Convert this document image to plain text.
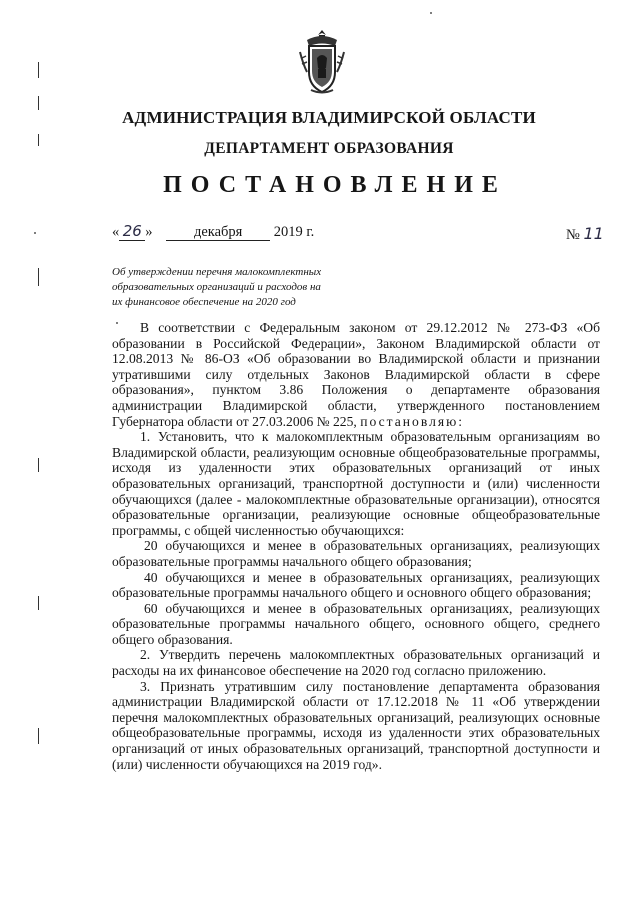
АДМИНИСТРАЦИЯ ВЛАДИМИРСКОЙ ОБЛАСТИ
ДЕПАРТАМЕНТ ОБРАЗОВАНИЯ
ПОСТАНОВЛЕНИЕ
« 26 »	декабря 2019 г.	№ 11
Об утверждении перечня малокомплектных
образовательных организаций и расходов на
их финансовое обеспечение на 2020 год

В соответствии с Федеральным законом от 29.12.2012 № 273-ФЗ «Об образовании в Российской Федерации», Законом Владимирской области от 12.08.2013 № 86-ОЗ «Об образовании во Владимирской области и признании утратившими силу отдельных Законов Владимирской области в сфере образования», пунктом 3.86 Положения о департаменте образования администрации Владимирской области, утвержденного постановлением Губернатора области от 27.03.2006 № 225, постановляю:

1. Установить, что к малокомплектным образовательным организациям во Владимирской области, реализующим основные общеобразовательные программы, исходя из удаленности этих образовательных организаций от иных образовательных организаций, транспортной доступности и (или) численности обучающихся (далее - малокомплектные образовательные организации), относятся образовательные организации, реализующие основные общеобразовательные программы, с общей численностью обучающихся:

20 обучающихся и менее в образовательных организациях, реализующих образовательные программы начального общего образования;

40 обучающихся и менее в образовательных организациях, реализующих образовательные программы начального общего и основного общего образования;

60 обучающихся и менее в образовательных организациях, реализующих образовательные программы начального общего, основного общего, среднего общего образования.

2. Утвердить перечень малокомплектных образовательных организаций и расходы на их финансовое обеспечение на 2020 год согласно приложению.

3. Признать утратившим силу постановление департамента образования администрации Владимирской области от 17.12.2018 № 11 «Об утверждении перечня малокомплектных образовательных организаций, реализующих основные общеобразовательные программы, исходя из удаленности этих образовательных организаций от иных образовательных организаций, транспортной доступности и (или) численности обучающихся на 2019 год».
